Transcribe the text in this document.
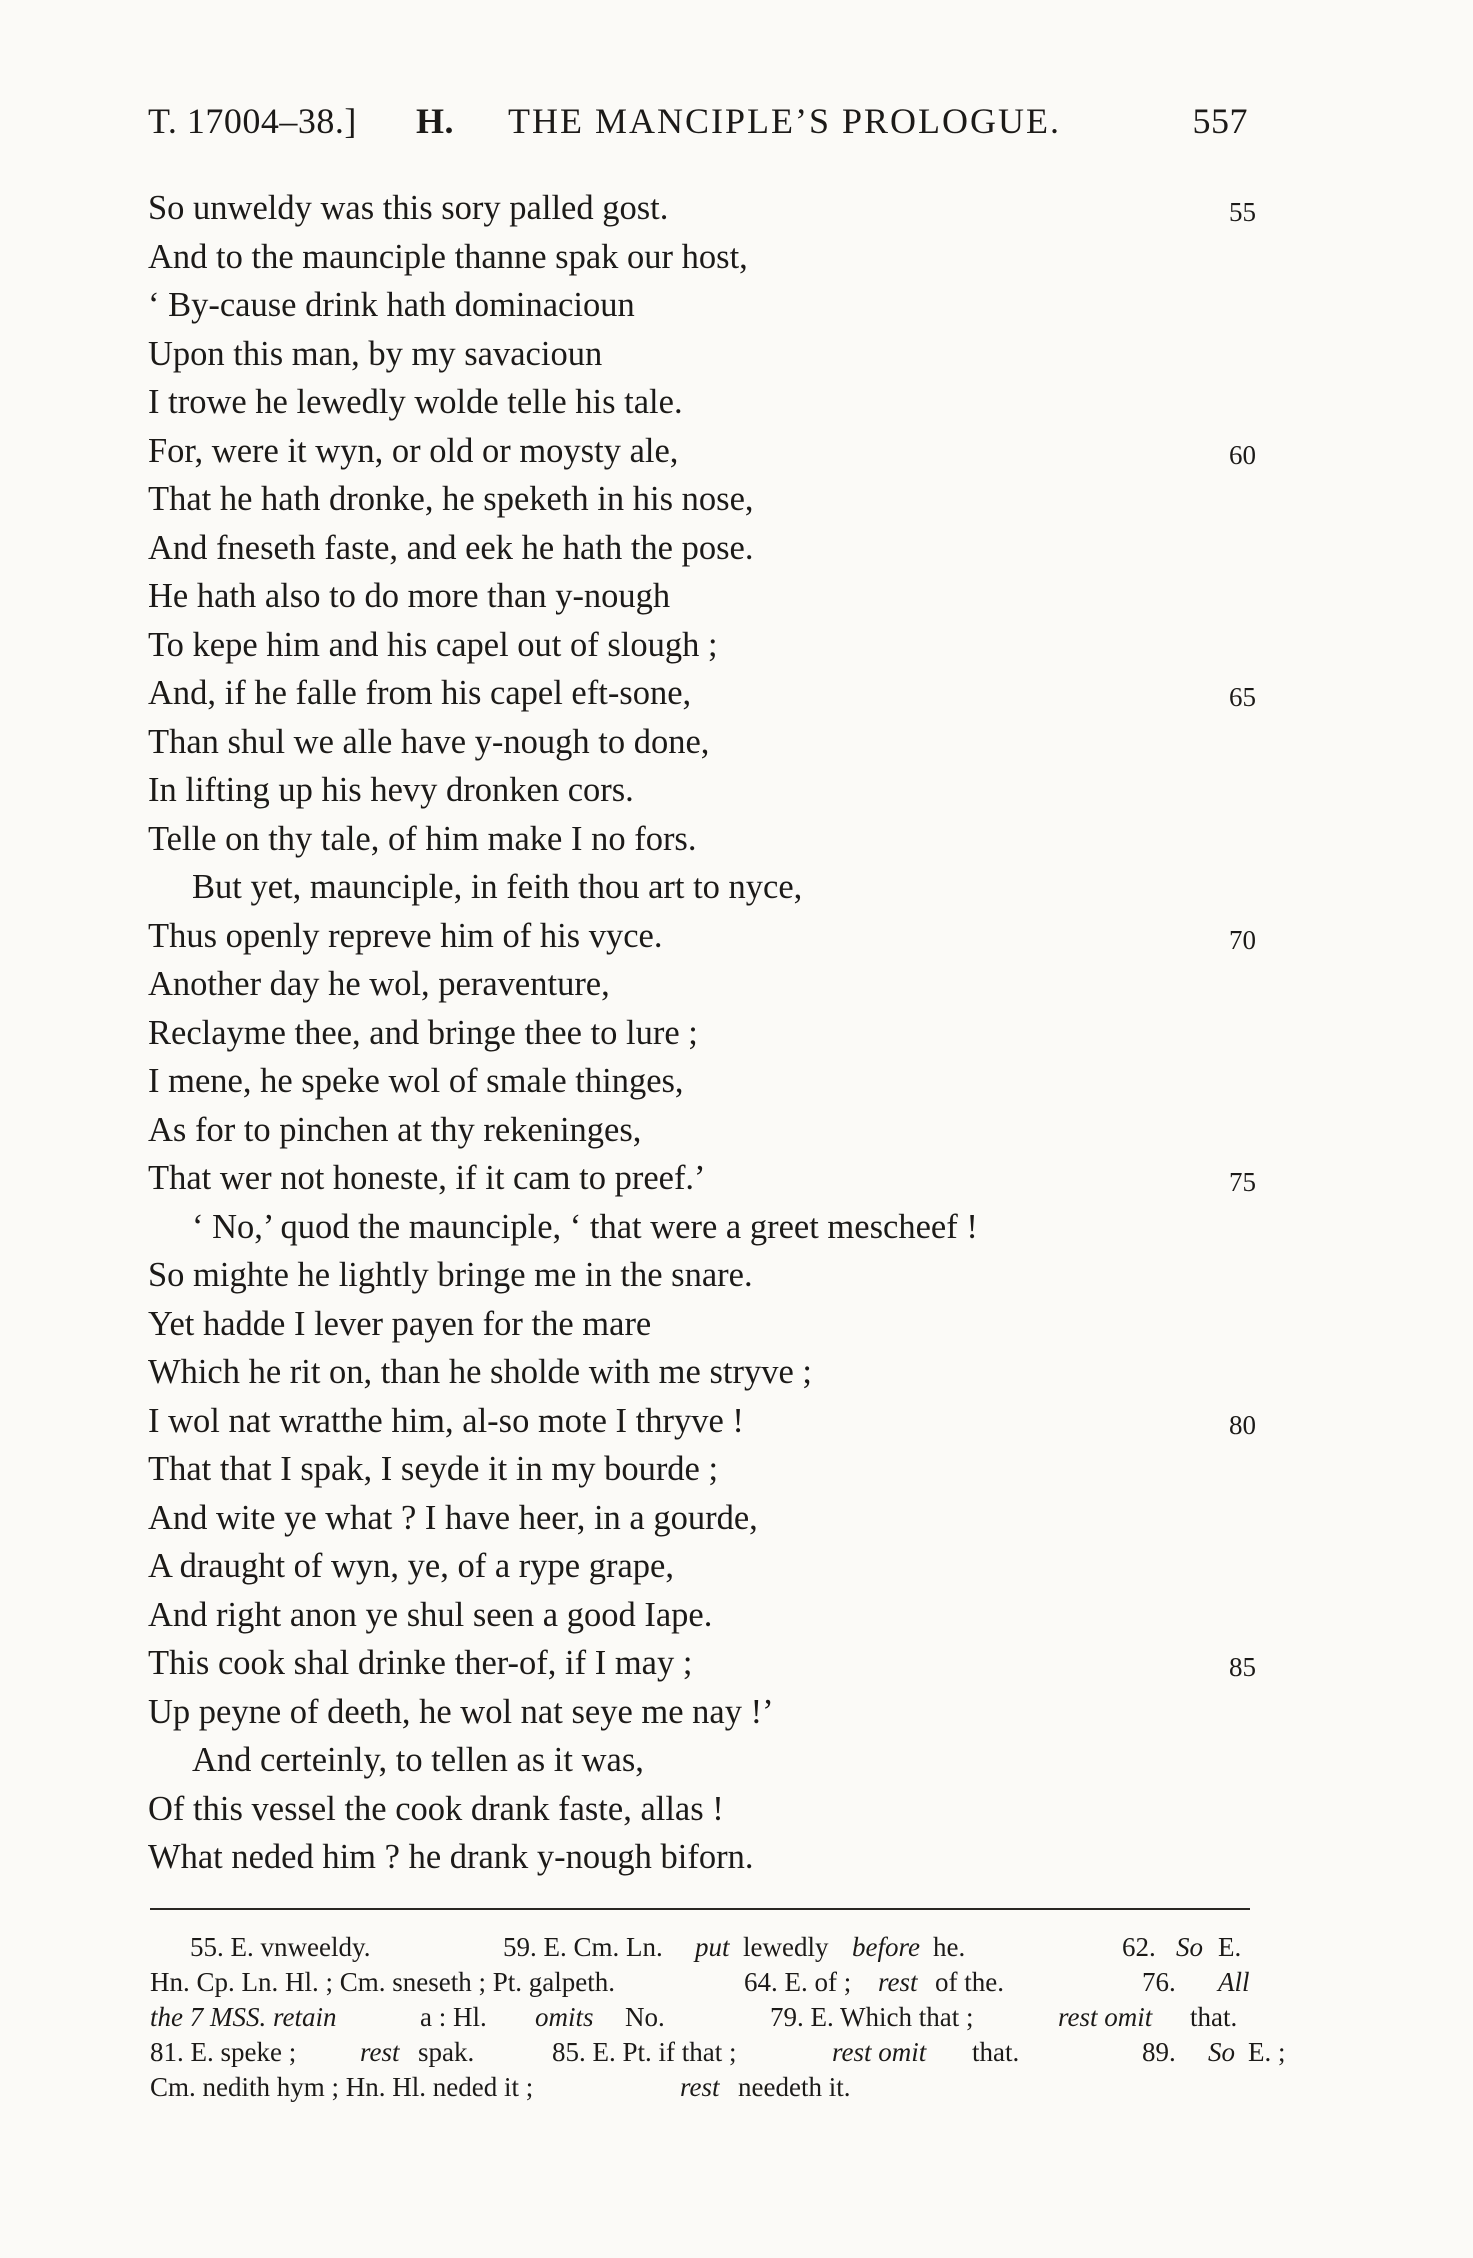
T. 17004–38.] H. THE MANCIPLE’S PROLOGUE.	557
So unweldy was this sory palled gost.	55
And to the maunciple thanne spak our host,
‘ By-cause drink hath dominacioun
Upon this man, by my savacioun
I trowe he lewedly wolde telle his tale.
For, were it wyn, or old or moysty ale,	60
That he hath dronke, he speketh in his nose,
And fneseth faste, and eek he hath the pose.
He hath also to do more than y-nough
To kepe him and his capel out of slough ;
And, if he falle from his capel eft-sone,	65
Than shul we alle have y-nough to done,
In lifting up his hevy dronken cors.
Telle on thy tale, of him make I no fors.
But yet, maunciple, in feith thou art to nyce,
Thus openly repreve him of his vyce.	70
Another day he wol, peraventure,
Reclayme thee, and bringe thee to lure ;
I mene, he speke wol of smale thinges,
As for to pinchen at thy rekeninges,
That wer not honeste, if it cam to preef.’	75
‘ No,’ quod the maunciple, ‘ that were a greet mescheef !
So mighte he lightly bringe me in the snare.
Yet hadde I lever payen for the mare
Which he rit on, than he sholde with me stryve ;
I wol nat wratthe him, al-so mote I thryve !	80
That that I spak, I seyde it in my bourde ;
And wite ye what ? I have heer, in a gourde,
A draught of wyn, ye, of a rype grape,
And right anon ye shul seen a good Iape.
This cook shal drinke ther-of, if I may ;	85
Up peyne of deeth, he wol nat seye me nay !’
And certeinly, to tellen as it was,
Of this vessel the cook drank faste, allas !
What neded him ? he drank y-nough biforn.
55. E. vnweeldy.	59. E. Cm. Ln. put lewedly before he.	62. So E.
Hn. Cp. Ln. Hl. ; Cm. sneseth ; Pt. galpeth.	64. E. of ; rest of the.	76. All
the 7 MSS. retain	a : Hl. omits No.	79. E. Which that ;	rest omit that.
81. E. speke ; rest spak.	85. E. Pt. if that ;	rest omit that.	89. So E. ;
Cm. nedith hym ; Hn. Hl. neded it ;	rest needeth it.
